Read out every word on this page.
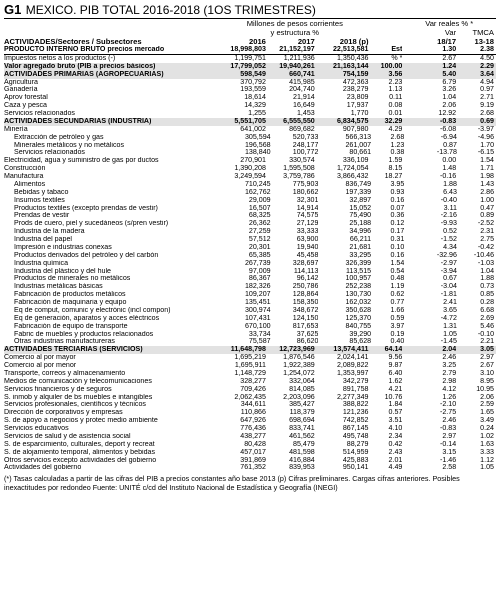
G1 MEXICO. PIB TOTAL 2016-2018 (1OS TRIMESTRES)
Millones de pesos corrientes	Var reales % *
y estructura %	Var	TMCA
ACTIVIDADES/Sectores / Subsectores	2016	2017	2018 (p)	18/17	13-18
PRODUCTO INTERNO BRUTO precios mercado	18,998,803	21,152,197	22,513,581	Est	1.30	2.38
Impuestos netos a los productos (-)	1,199,751	1,211,936	1,350,436	% *	2.67	4.50
Valor agregado bruto (PIB a precios básicos)	17,799,052	19,940,261	21,163,144	100.00	1.24	2.29
ACTIVIDADES PRIMARIAS (AGROPECUARIAS)	598,549	660,741	754,159	3.56	5.40	3.64
Agricultura	370,792	415,985	472,363	2.23	6.79	4.94
Ganadería	193,559	204,740	238,279	1.13	3.26	0.97
Aprov forestal	18,614	21,914	23,809	0.11	1.04	2.71
Caza y pesca	14,329	16,649	17,937	0.08	2.06	9.19
Servicios relacionados	1,255	1,453	1,770	0.01	12.92	2.68
ACTIVIDADES SECUNDARIAS (INDUSTRIA)	5,551,705	6,555,550	6,834,575	32.29	-0.83	0.69
Minería	641,002	869,682	907,980	4.29	-6.08	-3.97
Extracción de petróleo y gas	305,594	520,733	566,313	2.68	-6.94	-4.96
Minerales metálicos y no metálicos	196,568	248,177	261,007	1.23	0.87	1.70
Servicios relacionados	138,840	100,772	80,661	0.38	-13.78	-6.15
Electricidad, agua y suministro de gas por ductos	270,901	330,574	336,109	1.59	0.00	1.54
Construcción	1,390,208	1,595,508	1,724,054	8.15	1.48	1.71
Manufactura	3,249,594	3,759,786	3,866,432	18.27	-0.16	1.98
Alimentos	710,245	775,903	836,749	3.95	1.88	1.43
Bebidas y tabaco	162,762	180,662	197,339	0.93	6.43	2.86
Insumos textiles	29,009	32,301	32,897	0.16	-0.40	1.00
Productos textiles (excepto prendas de vestir)	16,507	14,914	15,052	0.07	3.11	0.47
Prendas de vestir	68,325	74,575	75,490	0.36	-2.16	0.89
Prods de cuero, piel y sucedáneos (s/pren vestir)	26,362	27,129	25,188	0.12	-9.93	-2.52
Industria de la madera	27,259	33,333	34,996	0.17	0.52	2.31
Industria del papel	57,512	63,900	66,211	0.31	-1.52	2.75
Impresión e industrias conexas	20,301	19,940	21,681	0.10	4.34	-0.42
Productos derivados del petróleo y del carbón	65,385	45,458	33,295	0.16	-32.96	-10.46
Industria química	267,739	328,697	326,399	1.54	-2.97	-1.03
Industria del plástico y del hule	97,009	114,113	113,515	0.54	-3.94	1.04
Productos de minerales no metálicos	86,367	96,142	100,957	0.48	0.67	1.88
Industrias metálicas básicas	182,326	250,786	252,238	1.19	-3.04	0.73
Fabricación de productos metálicos	109,207	128,864	130,730	0.62	-1.81	0.85
Fabricación de maquinaria y equipo	135,451	158,350	162,032	0.77	2.41	0.28
Eq de comput, comunic y electrónic (incl compon)	300,974	348,672	350,628	1.66	3.65	6.68
Eq de generación, aparatos y acces eléctricos	107,431	124,150	125,370	0.59	-4.72	2.69
Fabricación de equipo de transporte	670,100	817,653	840,755	3.97	1.31	5.46
Fabric de muebles y productos relacionados	33,734	37,625	39,290	0.19	1.05	-0.10
Otras industrias manufactureras	75,587	86,620	85,628	0.40	-1.45	2.21
ACTIVIDADES TERCIARIAS (SERVICIOS)	11,648,798	12,723,969	13,574,411	64.14	2.04	3.05
Comercio al por mayor	1,695,219	1,876,546	2,024,141	9.56	2.46	2.97
Comercio al por menor	1,695,911	1,922,389	2,089,822	9.87	3.25	2.67
Transporte, correos y almacenamiento	1,148,729	1,254,072	1,353,997	6.40	2.79	3.10
Medios de comunicación y telecomunicaciones	328,277	332,064	342,279	1.62	2.98	8.95
Servicios financieros y de seguros	709,426	814,085	891,758	4.21	4.12	10.95
S. inmob y alquiler de bs muebles e intangibles	2,062,435	2,203,096	2,277,349	10.76	1.26	2.06
Servicios profesionales, científicos y técnicos	344,611	385,427	388,822	1.84	-2.10	2.59
Dirección de corporativos y empresas	110,866	118,379	121,236	0.57	-2.75	1.65
S. de apoyo a negocios y protec medio ambiente	647,926	698,694	742,852	3.51	2.46	3.49
Servicios educativos	776,436	833,741	867,145	4.10	-0.83	0.24
Servicios de salud y de asistencia social	438,277	461,562	495,748	2.34	2.97	1.02
S. de esparcimiento, culturales, deport y recreat	80,428	85,479	88,279	0.42	-0.14	1.63
S. de alojamiento temporal, alimentos y bebidas	457,017	481,598	514,959	2.43	3.15	3.33
Otros servicios excepto actividades del gobierno	391,869	416,884	425,883	2.01	-1.46	1.12
Actividades del gobierno	761,352	839,953	950,141	4.49	2.58	1.05
(*) Tasas calculadas a partir de las cifras del PIB a precios constantes año base 2013 (p) Cifras preliminares. Cargas cifras anteriores. Posibles inexactitudes por redondeo Fuente: UNITÉ c/cd del Instituto Nacional de Estadística y Geografía (INEGI)
